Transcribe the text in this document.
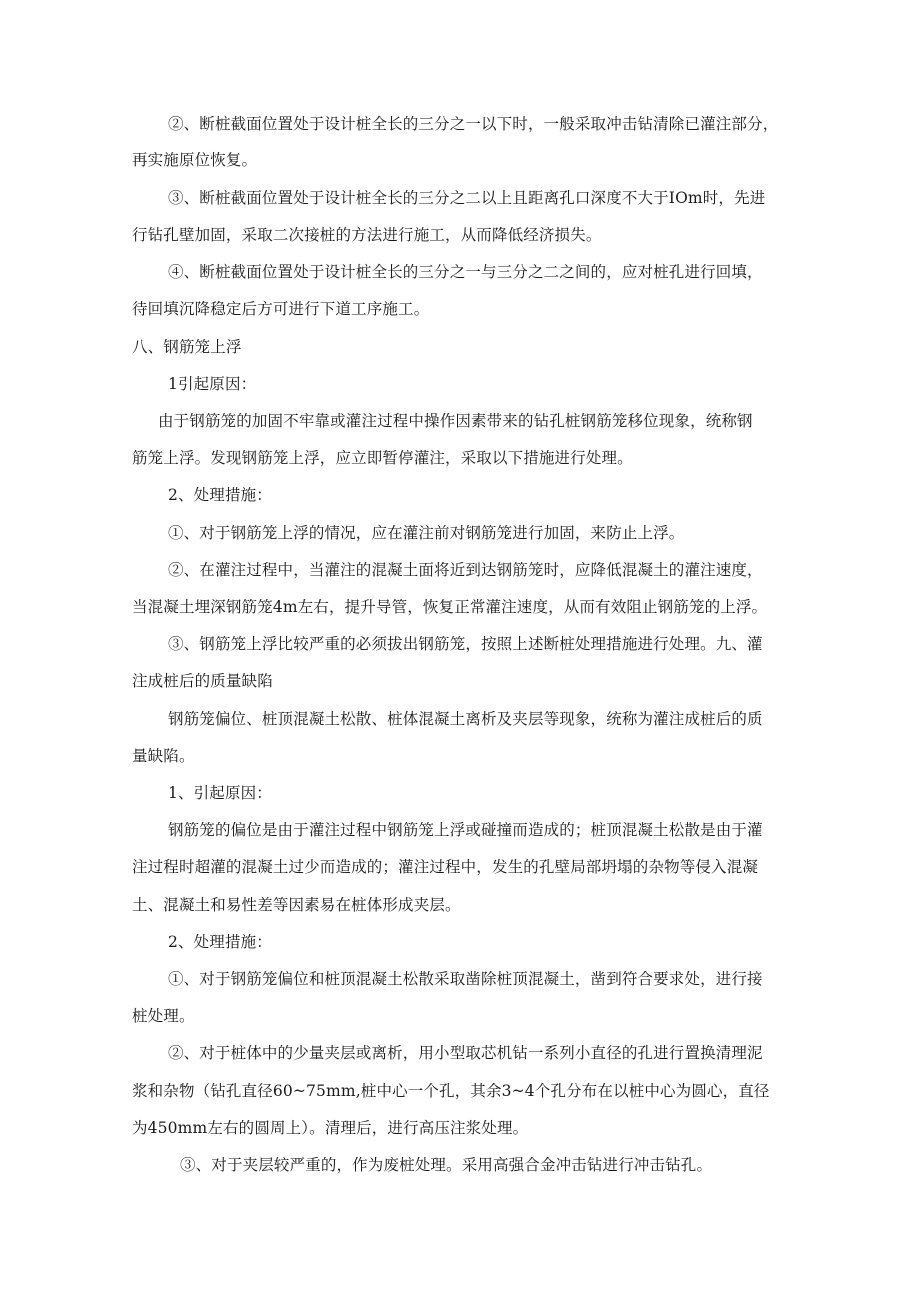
②、断桩截面位置处于设计桩全长的三分之一以下时，一般采取冲击钻清除已灌注部分，
再实施原位恢复。
③、断桩截面位置处于设计桩全长的三分之二以上且距离孔口深度不大于IOm时，先进
行钻孔壁加固，采取二次接桩的方法进行施工，从而降低经济损失。
④、断桩截面位置处于设计桩全长的三分之一与三分之二之间的，应对桩孔进行回填，
待回填沉降稳定后方可进行下道工序施工。
八、钢筋笼上浮
1引起原因：
由于钢筋笼的加固不牢靠或灌注过程中操作因素带来的钻孔桩钢筋笼移位现象，统称钢
筋笼上浮。发现钢筋笼上浮，应立即暂停灌注，采取以下措施进行处理。
2、处理措施：
①、对于钢筋笼上浮的情况，应在灌注前对钢筋笼进行加固，来防止上浮。
②、在灌注过程中，当灌注的混凝土面将近到达钢筋笼时，应降低混凝土的灌注速度，
当混凝土埋深钢筋笼4m左右，提升导管，恢复正常灌注速度，从而有效阻止钢筋笼的上浮。
③、钢筋笼上浮比较严重的必须拔出钢筋笼，按照上述断桩处理措施进行处理。九、灌
注成桩后的质量缺陷
钢筋笼偏位、桩顶混凝土松散、桩体混凝土离析及夹层等现象，统称为灌注成桩后的质
量缺陷。
1、引起原因：
钢筋笼的偏位是由于灌注过程中钢筋笼上浮或碰撞而造成的；桩顶混凝土松散是由于灌
注过程时超灌的混凝土过少而造成的；灌注过程中，发生的孔壁局部坍塌的杂物等侵入混凝
土、混凝土和易性差等因素易在桩体形成夹层。
2、处理措施：
①、对于钢筋笼偏位和桩顶混凝土松散采取凿除桩顶混凝土，凿到符合要求处，进行接
桩处理。
②、对于桩体中的少量夹层或离析，用小型取芯机钻一系列小直径的孔进行置换清理泥
浆和杂物（钻孔直径60~75mm,桩中心一个孔，其余3~4个孔分布在以桩中心为圆心，直径
为450mm左右的圆周上）。清理后，进行高压注浆处理。
③、对于夹层较严重的，作为废桩处理。采用高强合金冲击钻进行冲击钻孔。
